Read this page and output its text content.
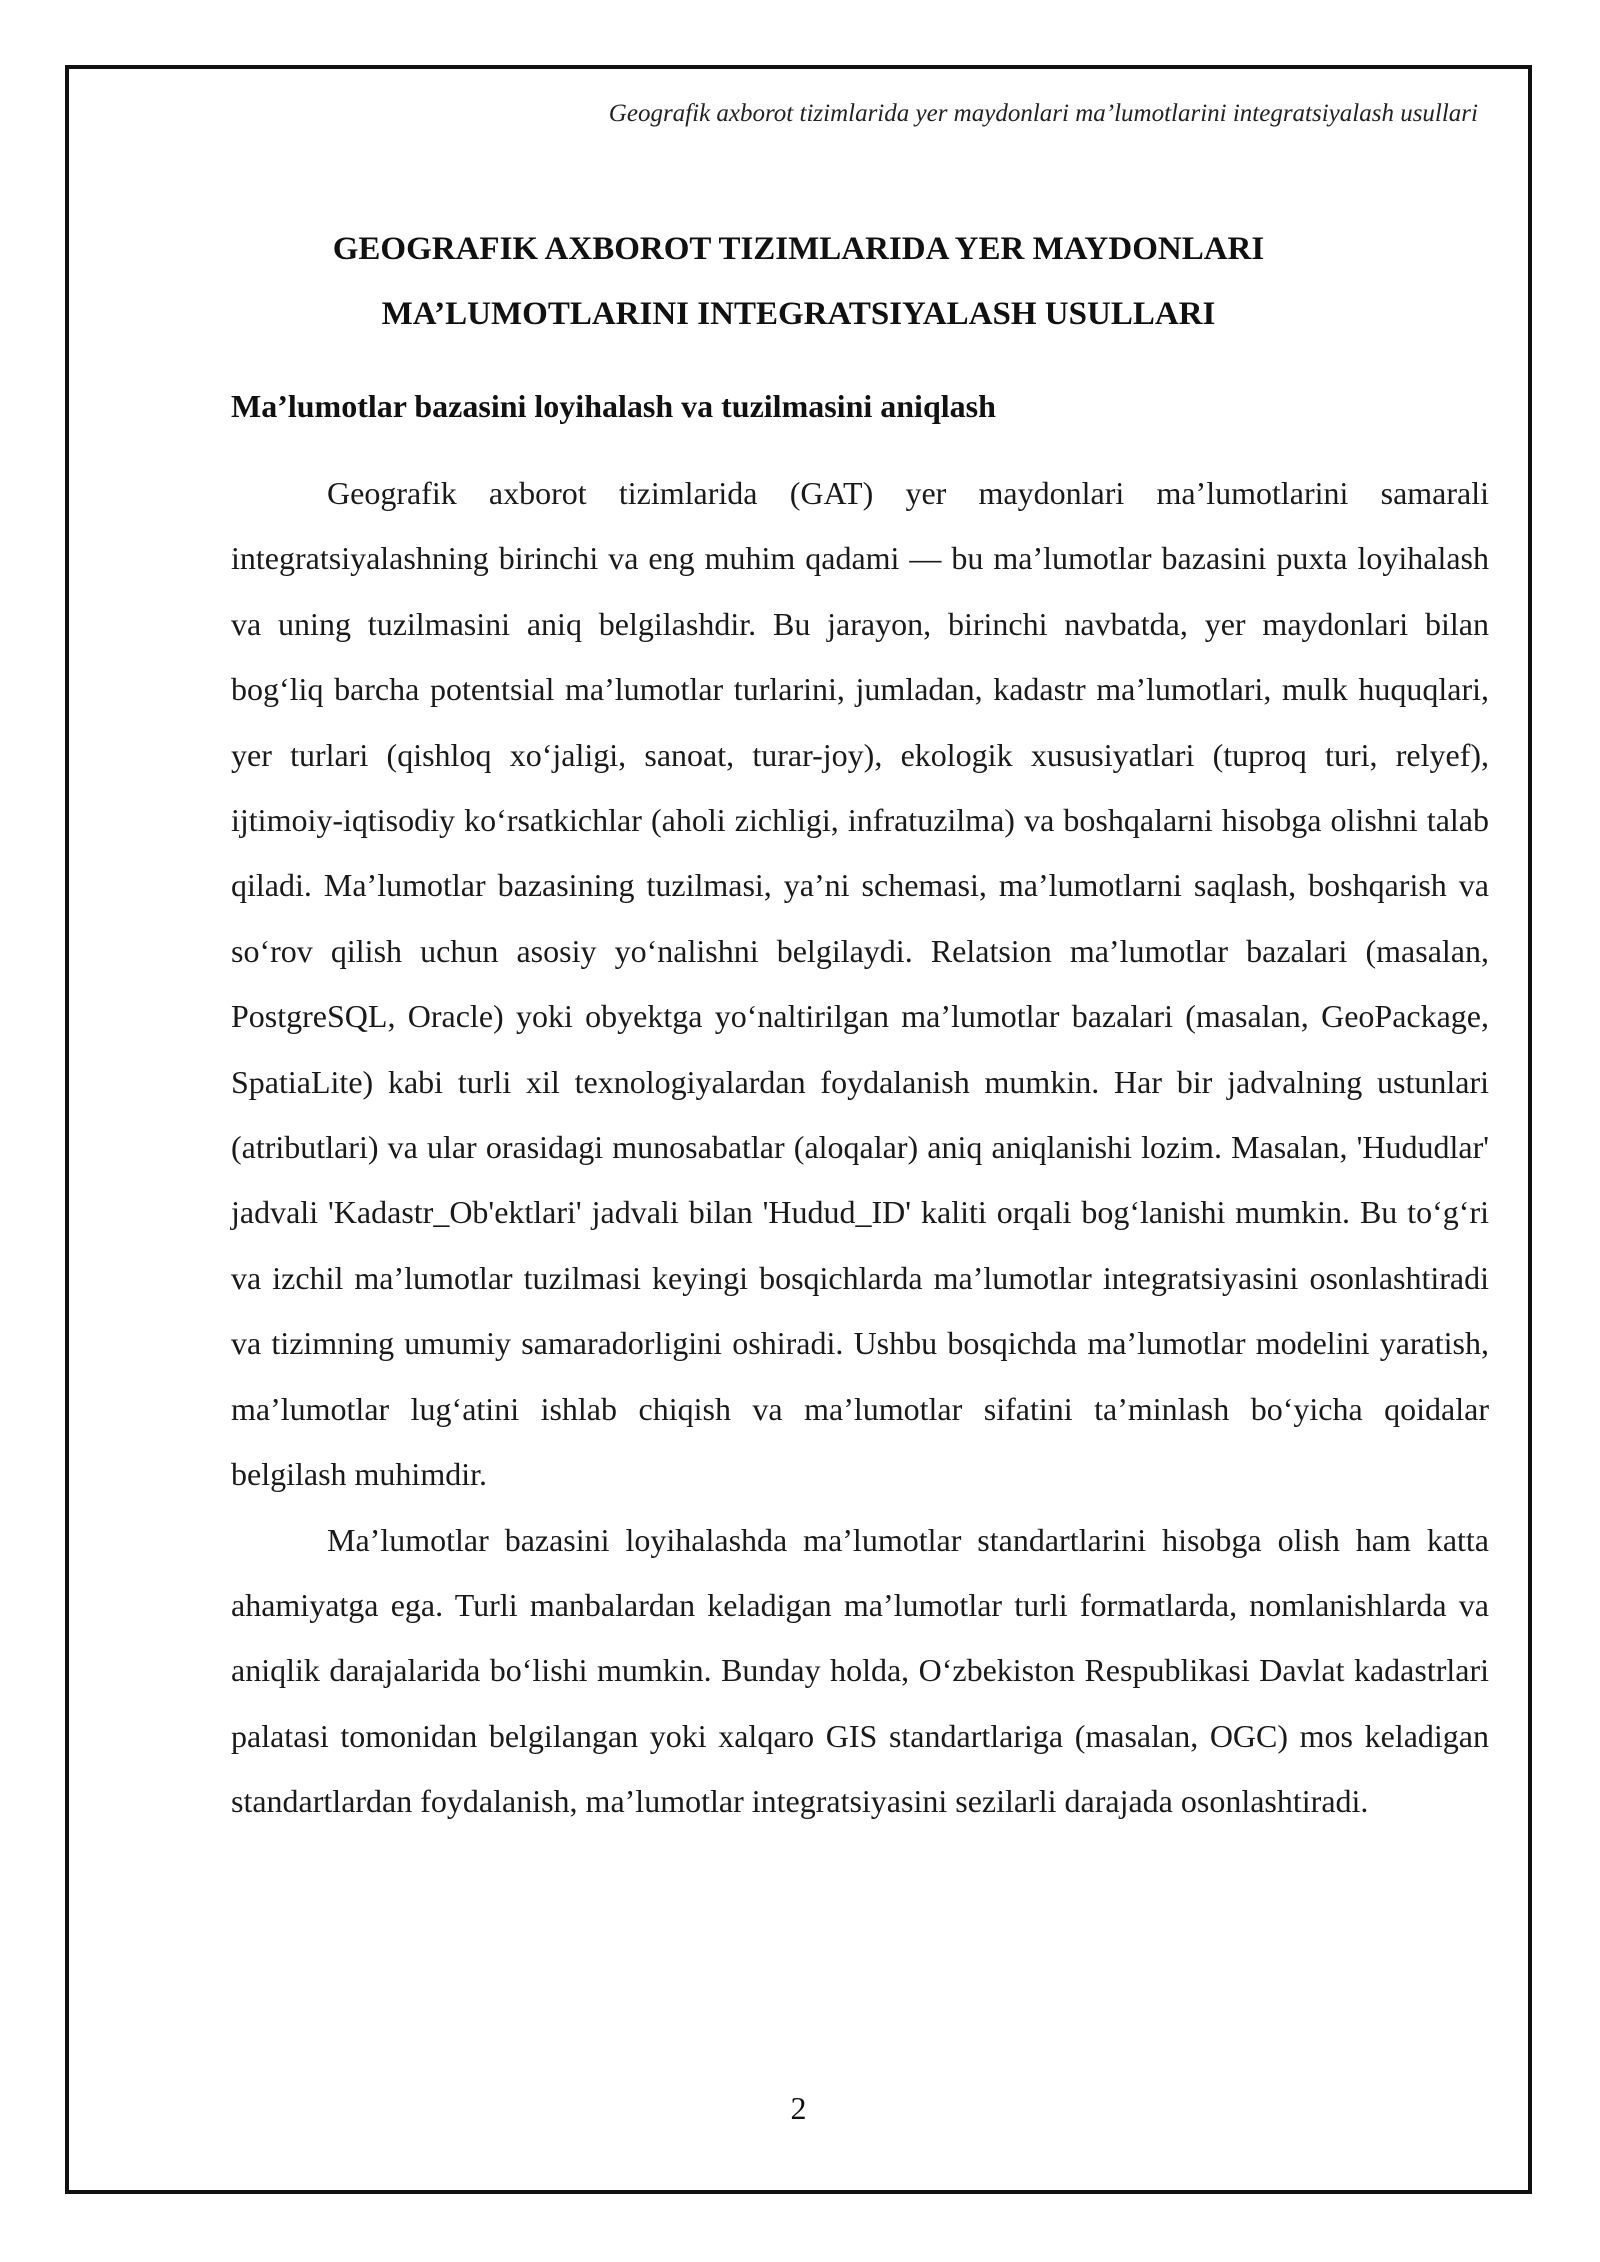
Geografik axborot tizimlarida yer maydonlari ma’lumotlarini integratsiyalash usullari
GEOGRAFIK AXBOROT TIZIMLARIDA YER MAYDONLARI
MA’LUMOTLARINI INTEGRATSIYALASH USULLARI
Ma’lumotlar bazasini loyihalash va tuzilmasini aniqlash

Geografik axborot tizimlarida (GAT) yer maydonlari ma’lumotlarini samarali integratsiyalashning birinchi va eng muhim qadami — bu ma’lumotlar bazasini puxta loyihalash va uning tuzilmasini aniq belgilashdir. Bu jarayon, birinchi navbatda, yer maydonlari bilan bog‘liq barcha potentsial ma’lumotlar turlarini, jumladan, kadastr ma’lumotlari, mulk huquqlari, yer turlari (qishloq xo‘jaligi, sanoat, turar-joy), ekologik xususiyatlari (tuproq turi, relyef), ijtimoiy-iqtisodiy ko‘rsatkichlar (aholi zichligi, infratuzilma) va boshqalarni hisobga olishni talab qiladi. Ma’lumotlar bazasining tuzilmasi, ya’ni schemasi, ma’lumotlarni saqlash, boshqarish va so‘rov qilish uchun asosiy yo‘nalishni belgilaydi. Relatsion ma’lumotlar bazalari (masalan, PostgreSQL, Oracle) yoki obyektga yo‘naltirilgan ma’lumotlar bazalari (masalan, GeoPackage, SpatiaLite) kabi turli xil texnologiyalardan foydalanish mumkin. Har bir jadvalning ustunlari (atributlari) va ular orasidagi munosabatlar (aloqalar) aniq aniqlanishi lozim. Masalan, 'Hududlar' jadvali 'Kadastr_Ob'ektlari' jadvali bilan 'Hudud_ID' kaliti orqali bog‘lanishi mumkin. Bu to‘g‘ri va izchil ma’lumotlar tuzilmasi keyingi bosqichlarda ma’lumotlar integratsiyasini osonlashtiradi va tizimning umumiy samaradorligini oshiradi. Ushbu bosqichda ma’lumotlar modelini yaratish, ma’lumotlar lug‘atini ishlab chiqish va ma’lumotlar sifatini ta’minlash bo‘yicha qoidalar belgilash muhimdir.

Ma’lumotlar bazasini loyihalashda ma’lumotlar standartlarini hisobga olish ham katta ahamiyatga ega. Turli manbalardan keladigan ma’lumotlar turli formatlarda, nomlanishlarda va aniqlik darajalarida bo‘lishi mumkin. Bunday holda, O‘zbekiston Respublikasi Davlat kadastrlari palatasi tomonidan belgilangan yoki xalqaro GIS standartlariga (masalan, OGC) mos keladigan standartlardan foydalanish, ma’lumotlar integratsiyasini sezilarli darajada osonlashtiradi.

2
